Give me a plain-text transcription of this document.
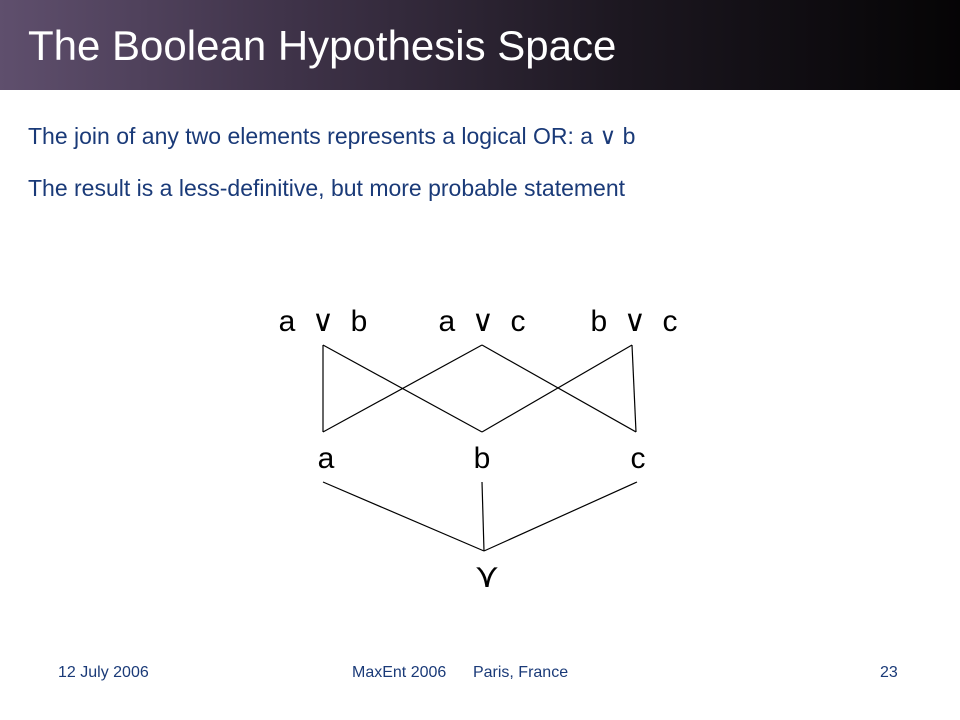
The Boolean Hypothesis Space
The join of any two elements represents a logical OR: a ∨ b
The result is a less-definitive, but more probable statement
a  ∨  b a  ∨  c b  ∨  c
a	b	c
⋎
12 July 2006	MaxEnt 2006      Paris, France	23
